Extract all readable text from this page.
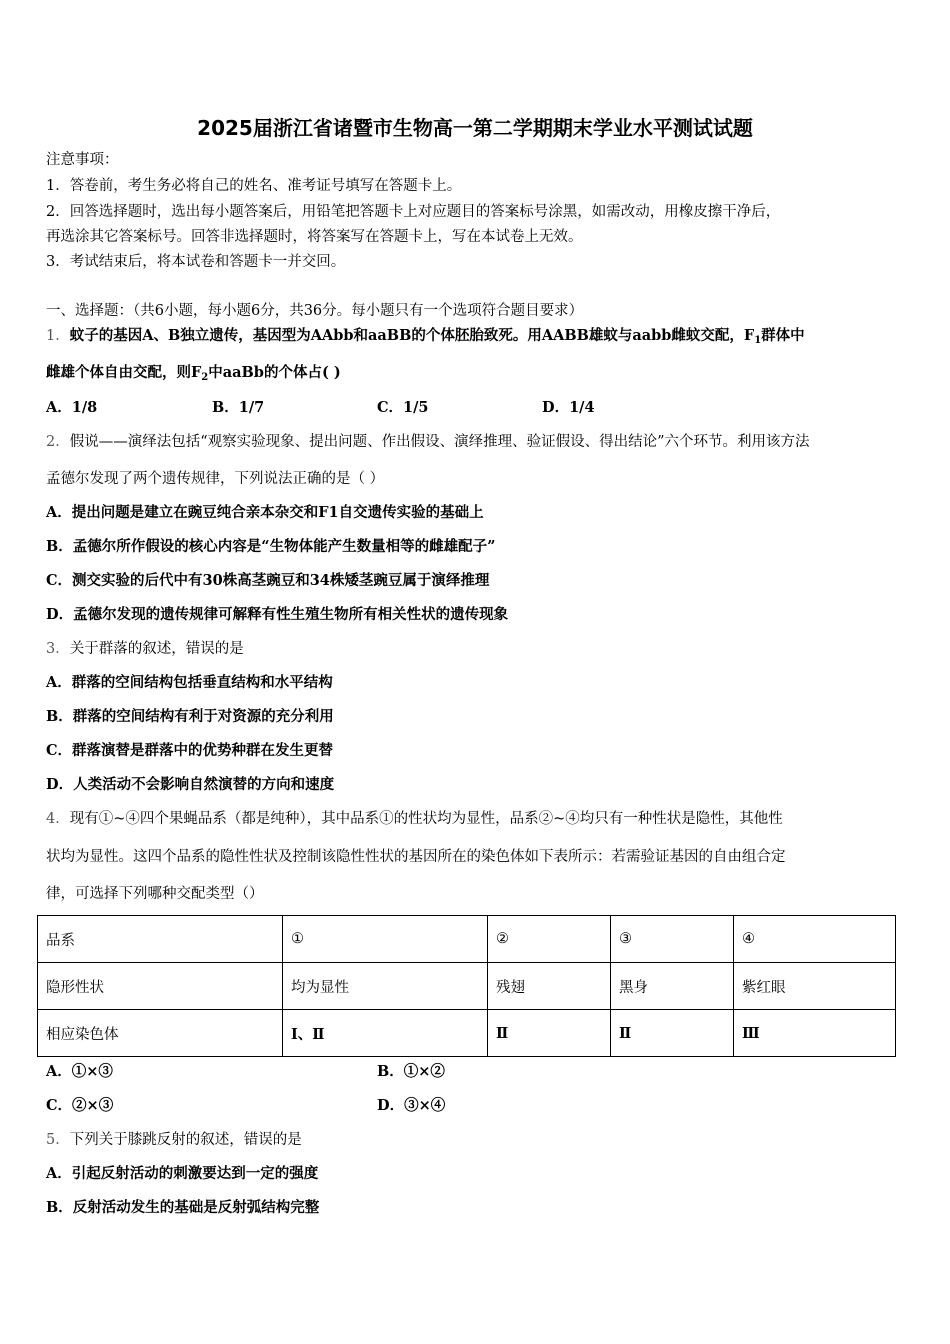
2025届浙江省诸暨市生物高一第二学期期末学业水平测试试题
注意事项：
1．答卷前，考生务必将自己的姓名、准考证号填写在答题卡上。
2．回答选择题时，选出每小题答案后，用铅笔把答题卡上对应题目的答案标号涂黑，如需改动，用橡皮擦干净后，
再选涂其它答案标号。回答非选择题时，将答案写在答题卡上，写在本试卷上无效。
3．考试结束后，将本试卷和答题卡一并交回。
一、选择题：（共6小题，每小题6分，共36分。每小题只有一个选项符合题目要求）
1．蚊子的基因A、B独立遗传，基因型为AAbb和aaBB的个体胚胎致死。用AABB雄蚊与aabb雌蚊交配，$F_1$群体中
雌雄个体自由交配，则$F_2$中aaBb的个体占( )
A．1/8	B．1/7	C．1/5	D．1/4
2．假说——演绎法包括“观察实验现象、提出问题、作出假设、演绎推理、验证假设、得出结论”六个环节。利用该方法
孟德尔发现了两个遗传规律，下列说法正确的是（ ）
A．提出问题是建立在豌豆纯合亲本杂交和F1自交遗传实验的基础上
B．孟德尔所作假设的核心内容是“生物体能产生数量相等的雌雄配子”
C．测交实验的后代中有30株高茎豌豆和34株矮茎豌豆属于演绎推理
D．孟德尔发现的遗传规律可解释有性生殖生物所有相关性状的遗传现象
3．关于群落的叙述，错误的是
A．群落的空间结构包括垂直结构和水平结构
B．群落的空间结构有利于对资源的充分利用
C．群落演替是群落中的优势种群在发生更替
D．人类活动不会影响自然演替的方向和速度
4．现有①~④四个果蝇品系（都是纯种），其中品系①的性状均为显性，品系②~④均只有一种性状是隐性，其他性
状均为显性。这四个品系的隐性性状及控制该隐性性状的基因所在的染色体如下表所示：若需验证基因的自由组合定
律，可选择下列哪种交配类型（）
品系	①	②	③	④
隐形性状	均为显性	残翅	黑身	紫红眼
相应染色体	Ⅰ、Ⅱ	Ⅱ	Ⅱ	Ⅲ
A．①×③	B．①×②
C．②×③	D．③×④
5．下列关于膝跳反射的叙述，错误的是
A．引起反射活动的刺激要达到一定的强度
B．反射活动发生的基础是反射弧结构完整
